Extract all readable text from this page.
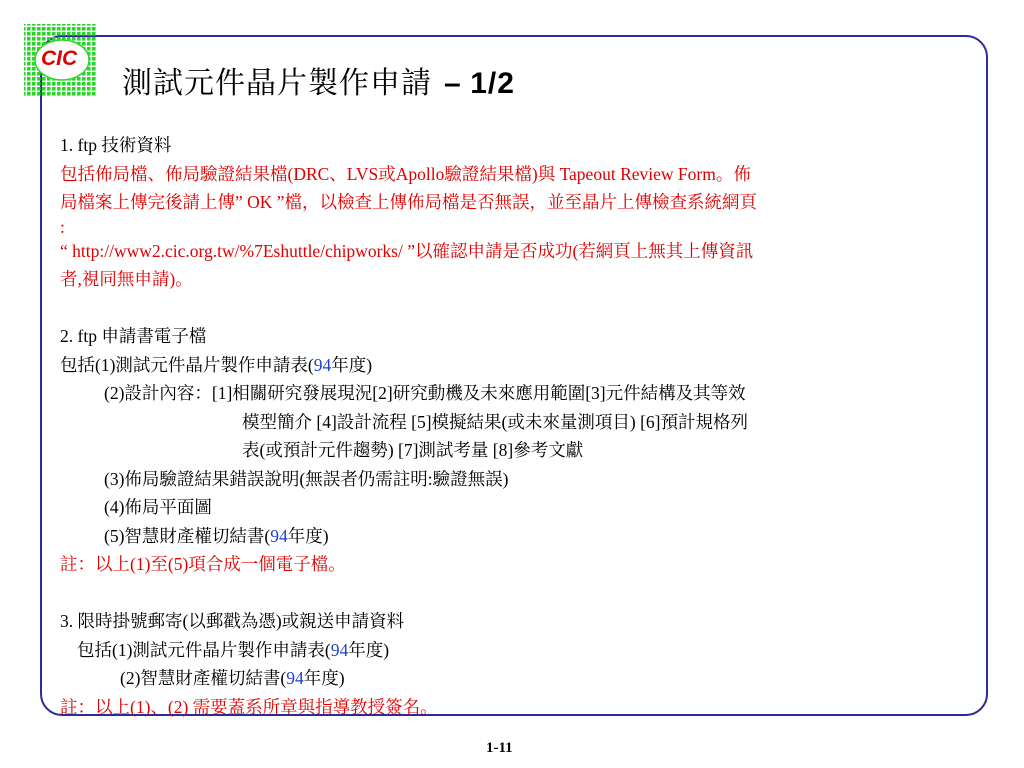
CIC
測試元件晶片製作申請 – 1/2

1. ftp 技術資料

包括佈局檔、佈局驗證結果檔(DRC、LVS或Apollo驗證結果檔)與 Tapeout Review Form。佈

局檔案上傳完後請上傳” OK ”檔，以檢查上傳佈局檔是否無誤，並至晶片上傳檢查系統網頁

:

“ http://www2.cic.org.tw/%7Eshuttle/chipworks/ ”以確認申請是否成功(若網頁上無其上傳資訊

者,視同無申請)。

2. ftp 申請書電子檔

包括(1)測試元件晶片製作申請表(94年度)

(2)設計內容：[1]相關研究發展現況[2]研究動機及未來應用範圍[3]元件結構及其等效

模型簡介 [4]設計流程 [5]模擬結果(或未來量測項目) [6]預計規格列

表(或預計元件趨勢) [7]測試考量 [8]參考文獻

(3)佈局驗證結果錯誤說明(無誤者仍需註明:驗證無誤)

(4)佈局平面圖

(5)智慧財產權切結書(94年度)

註：以上(1)至(5)項合成一個電子檔。

3. 限時掛號郵寄(以郵戳為憑)或親送申請資料

包括(1)測試元件晶片製作申請表(94年度)

(2)智慧財產權切結書(94年度)

註：以上(1)、(2) 需要蓋系所章與指導教授簽名。

1-11
